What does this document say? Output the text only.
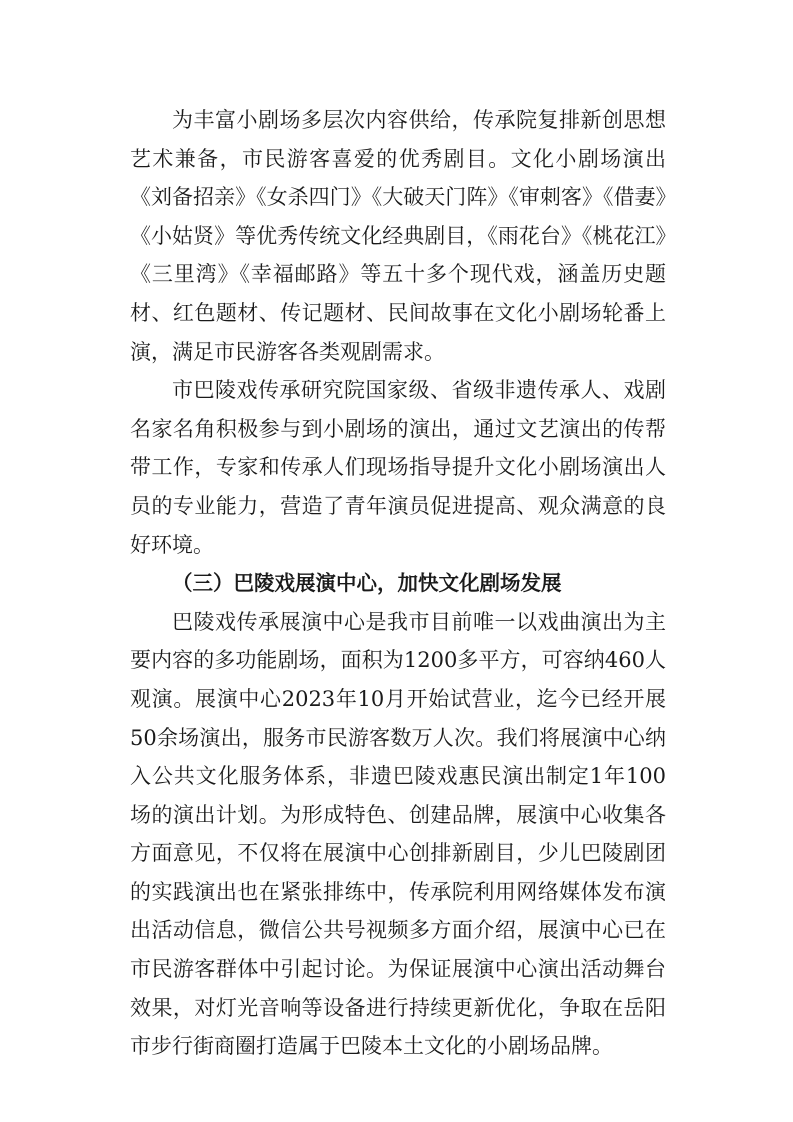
为丰富小剧场多层次内容供给，传承院复排新创思想艺术兼备，市民游客喜爱的优秀剧目。文化小剧场演出《刘备招亲》《女杀四门》《大破天门阵》《审刺客》《借妻》《小姑贤》等优秀传统文化经典剧目，《雨花台》《桃花江》《三里湾》《幸福邮路》等五十多个现代戏，涵盖历史题材、红色题材、传记题材、民间故事在文化小剧场轮番上演，满足市民游客各类观剧需求。

市巴陵戏传承研究院国家级、省级非遗传承人、戏剧名家名角积极参与到小剧场的演出，通过文艺演出的传帮带工作，专家和传承人们现场指导提升文化小剧场演出人员的专业能力，营造了青年演员促进提高、观众满意的良好环境。

（三）巴陵戏展演中心，加快文化剧场发展

巴陵戏传承展演中心是我市目前唯一以戏曲演出为主要内容的多功能剧场，面积为1200多平方，可容纳460人观演。展演中心2023年10月开始试营业，迄今已经开展50余场演出，服务市民游客数万人次。我们将展演中心纳入公共文化服务体系，非遗巴陵戏惠民演出制定1年100场的演出计划。为形成特色、创建品牌，展演中心收集各方面意见，不仅将在展演中心创排新剧目，少儿巴陵剧团的实践演出也在紧张排练中，传承院利用网络媒体发布演出活动信息，微信公共号视频多方面介绍，展演中心已在市民游客群体中引起讨论。为保证展演中心演出活动舞台效果，对灯光音响等设备进行持续更新优化，争取在岳阳市步行街商圈打造属于巴陵本土文化的小剧场品牌。
